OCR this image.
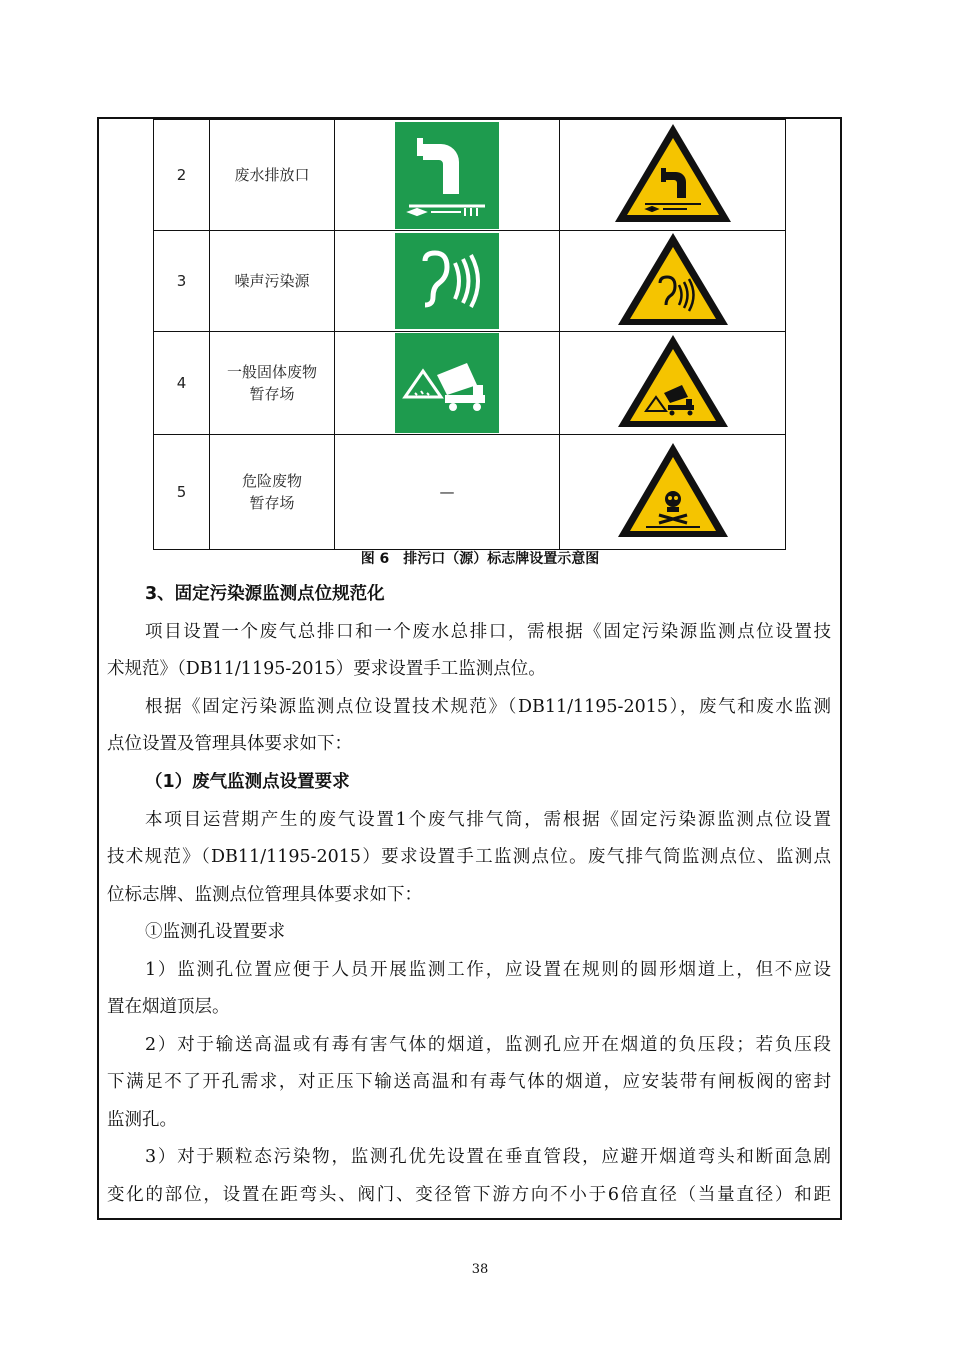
2	废水排放口	

3	噪声污染源	

4	一般固体废物
暂存场

5	危险废物
暂存场	—	
图 6　排污口（源）标志牌设置示意图
3、固定污染源监测点位规范化
项目设置一个废气总排口和一个废水总排口，需根据《固定污染源监测点位设置技
术规范》（DB11/1195-2015）要求设置手工监测点位。
根据《固定污染源监测点位设置技术规范》（DB11/1195-2015），废气和废水监测
点位设置及管理具体要求如下：
（1）废气监测点设置要求
本项目运营期产生的废气设置1个废气排气筒，需根据《固定污染源监测点位设置
技术规范》（DB11/1195-2015）要求设置手工监测点位。废气排气筒监测点位、监测点
位标志牌、监测点位管理具体要求如下：
①监测孔设置要求
1）监测孔位置应便于人员开展监测工作，应设置在规则的圆形烟道上，但不应设
置在烟道顶层。
2）对于输送高温或有毒有害气体的烟道，监测孔应开在烟道的负压段；若负压段
下满足不了开孔需求，对正压下输送高温和有毒气体的烟道，应安装带有闸板阀的密封
监测孔。
3）对于颗粒态污染物，监测孔优先设置在垂直管段，应避开烟道弯头和断面急剧
变化的部位，设置在距弯头、阀门、变径管下游方向不小于6倍直径（当量直径）和距
38
